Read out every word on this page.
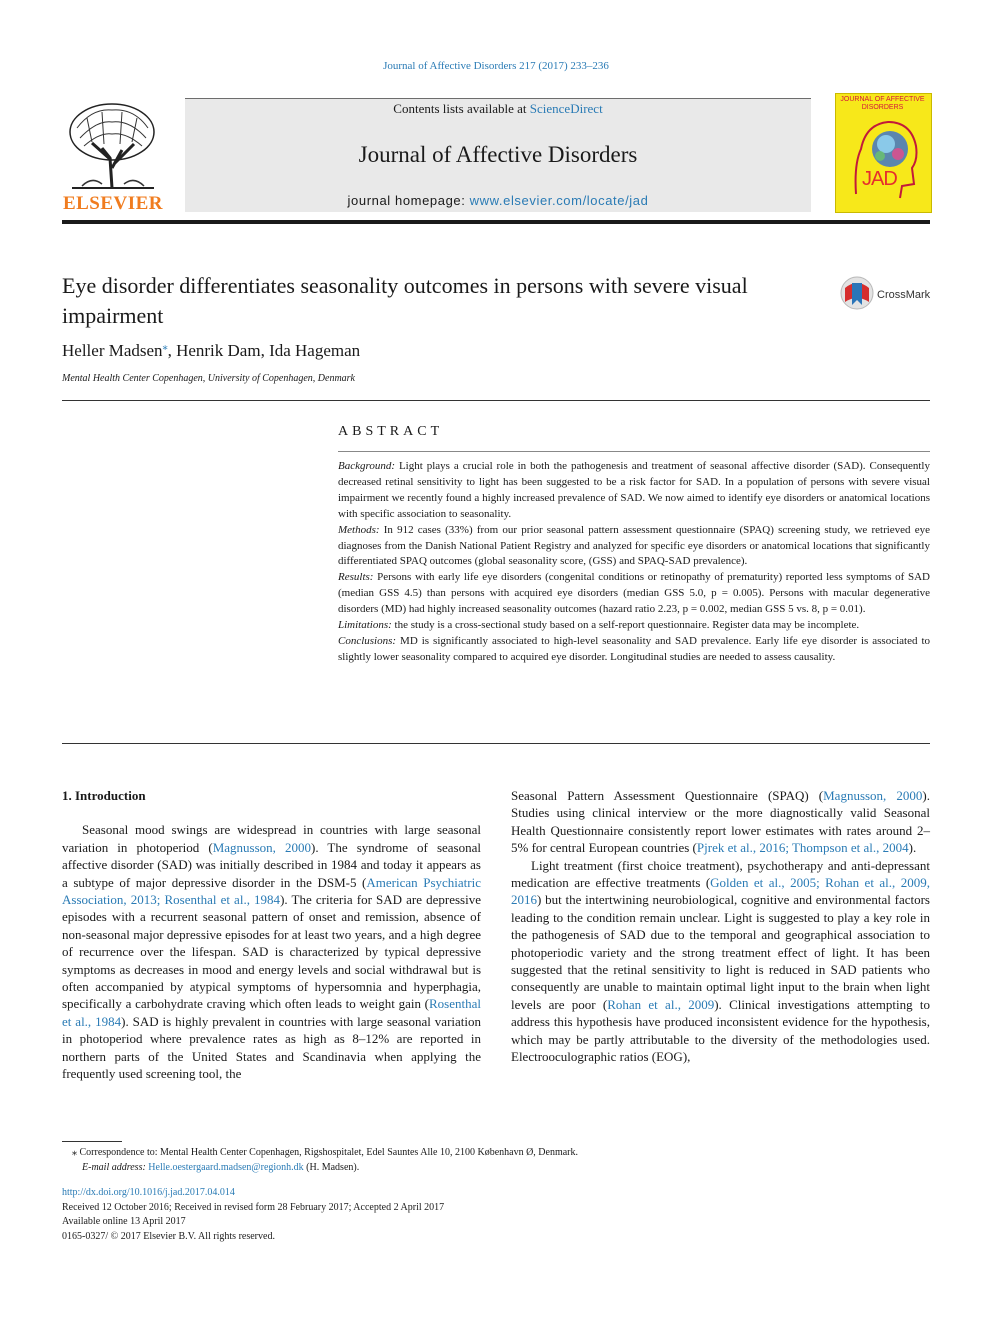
Journal of Affective Disorders 217 (2017) 233–236
ELSEVIER
Contents lists available at ScienceDirect
Journal of Affective Disorders
journal homepage: www.elsevier.com/locate/jad
JOURNAL OF AFFECTIVE DISORDERS
JAD
Eye disorder differentiates seasonality outcomes in persons with severe visual impairment
CrossMark
Heller Madsen⁎, Henrik Dam, Ida Hageman
Mental Health Center Copenhagen, University of Copenhagen, Denmark
ABSTRACT

Background: Light plays a crucial role in both the pathogenesis and treatment of seasonal affective disorder (SAD). Consequently decreased retinal sensitivity to light has been suggested to be a risk factor for SAD. In a population of persons with severe visual impairment we recently found a highly increased prevalence of SAD. We now aimed to identify eye disorders or anatomical locations with specific association to seasonality.

Methods: In 912 cases (33%) from our prior seasonal pattern assessment questionnaire (SPAQ) screening study, we retrieved eye diagnoses from the Danish National Patient Registry and analyzed for specific eye disorders or anatomical locations that significantly differentiated SPAQ outcomes (global seasonality score, (GSS) and SPAQ-SAD prevalence).

Results: Persons with early life eye disorders (congenital conditions or retinopathy of prematurity) reported less symptoms of SAD (median GSS 4.5) than persons with acquired eye disorders (median GSS 5.0, p = 0.005). Persons with macular degenerative disorders (MD) had highly increased seasonality outcomes (hazard ratio 2.23, p = 0.002, median GSS 5 vs. 8, p = 0.01).

Limitations: the study is a cross-sectional study based on a self-report questionnaire. Register data may be incomplete.

Conclusions: MD is significantly associated to high-level seasonality and SAD prevalence. Early life eye disorder is associated to slightly lower seasonality compared to acquired eye disorder. Longitudinal studies are needed to assess causality.

1. Introduction

Seasonal mood swings are widespread in countries with large seasonal variation in photoperiod (Magnusson, 2000). The syndrome of seasonal affective disorder (SAD) was initially described in 1984 and today it appears as a subtype of major depressive disorder in the DSM-5 (American Psychiatric Association, 2013; Rosenthal et al., 1984). The criteria for SAD are depressive episodes with a recurrent seasonal pattern of onset and remission, absence of non-seasonal major depressive episodes for at least two years, and a high degree of recurrence over the lifespan. SAD is characterized by typical depressive symptoms as decreases in mood and energy levels and social withdrawal but is often accompanied by atypical symptoms of hypersomnia and hyperphagia, specifically a carbohydrate craving which often leads to weight gain (Rosenthal et al., 1984). SAD is highly prevalent in countries with large seasonal variation in photoperiod where prevalence rates as high as 8–12% are reported in northern parts of the United States and Scandinavia when applying the frequently used screening tool, the

Seasonal Pattern Assessment Questionnaire (SPAQ) (Magnusson, 2000). Studies using clinical interview or the more diagnostically valid Seasonal Health Questionnaire consistently report lower estimates with rates around 2–5% for central European countries (Pjrek et al., 2016; Thompson et al., 2004).

Light treatment (first choice treatment), psychotherapy and anti-depressant medication are effective treatments (Golden et al., 2005; Rohan et al., 2009, 2016) but the intertwining neurobiological, cognitive and environmental factors leading to the condition remain unclear. Light is suggested to play a key role in the pathogenesis of SAD due to the temporal and geographical association to photoperiodic variety and the strong treatment effect of light. It has been suggested that the retinal sensitivity to light is reduced in SAD patients who consequently are unable to maintain optimal light input to the brain when light levels are poor (Rohan et al., 2009). Clinical investigations attempting to address this hypothesis have produced inconsistent evidence for the hypothesis, which may be partly attributable to the diversity of the methodologies used. Electrooculographic ratios (EOG),

⁎ Correspondence to: Mental Health Center Copenhagen, Rigshospitalet, Edel Sauntes Alle 10, 2100 København Ø, Denmark.

E-mail address: Helle.oestergaard.madsen@regionh.dk (H. Madsen).

http://dx.doi.org/10.1016/j.jad.2017.04.014

Received 12 October 2016; Received in revised form 28 February 2017; Accepted 2 April 2017

Available online 13 April 2017

0165-0327/ © 2017 Elsevier B.V. All rights reserved.
